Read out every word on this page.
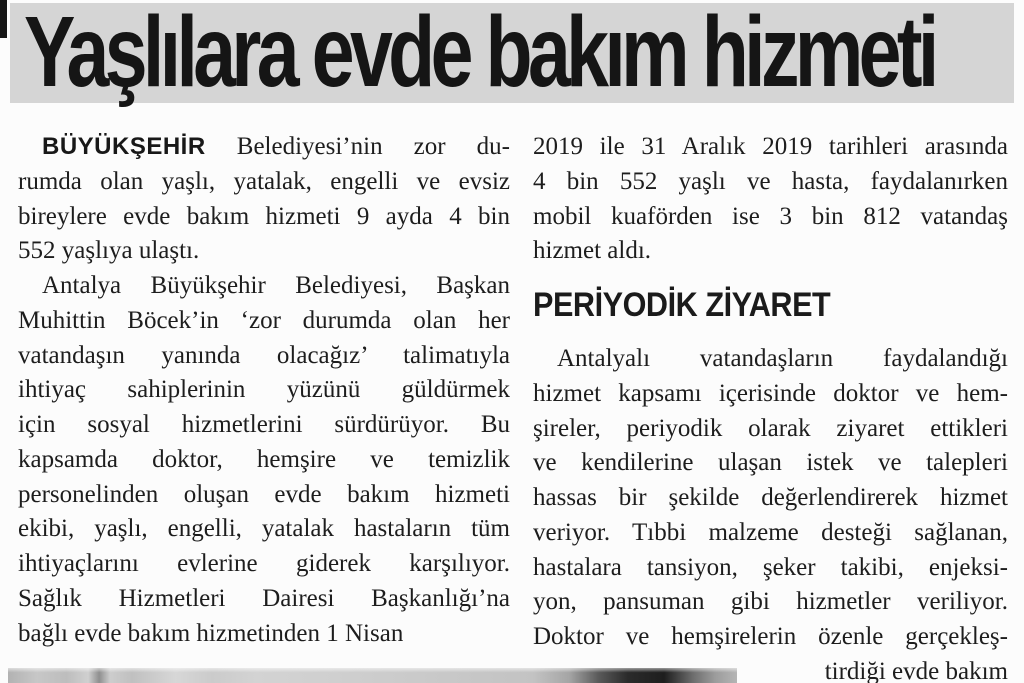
Yaşlılara evde bakım hizmeti
BÜYÜKŞEHİR Belediyesi’nin zor du-
rumda olan yaşlı, yatalak, engelli ve evsiz
bireylere evde bakım hizmeti 9 ayda 4 bin
552 yaşlıya ulaştı.
Antalya Büyükşehir Belediyesi, Başkan
Muhittin Böcek’in ‘zor durumda olan her
vatandaşın yanında olacağız’ talimatıyla
ihtiyaç sahiplerinin yüzünü güldürmek
için sosyal hizmetlerini sürdürüyor. Bu
kapsamda doktor, hemşire ve temizlik
personelinden oluşan evde bakım hizmeti
ekibi, yaşlı, engelli, yatalak hastaların tüm
ihtiyaçlarını evlerine giderek karşılıyor.
Sağlık Hizmetleri Dairesi Başkanlığı’na
bağlı evde bakım hizmetinden 1 Nisan
2019 ile 31 Aralık 2019 tarihleri arasında
4 bin 552 yaşlı ve hasta, faydalanırken
mobil kuaförden ise 3 bin 812 vatandaş
hizmet aldı.
PERİYODİK ZİYARET
Antalyalı vatandaşların faydalandığı
hizmet kapsamı içerisinde doktor ve hem-
şireler, periyodik olarak ziyaret ettikleri
ve kendilerine ulaşan istek ve talepleri
hassas bir şekilde değerlendirerek hizmet
veriyor. Tıbbi malzeme desteği sağlanan,
hastalara tansiyon, şeker takibi, enjeksi-
yon, pansuman gibi hizmetler veriliyor.
Doktor ve hemşirelerin özenle gerçekleş-
tirdiği evde bakım
